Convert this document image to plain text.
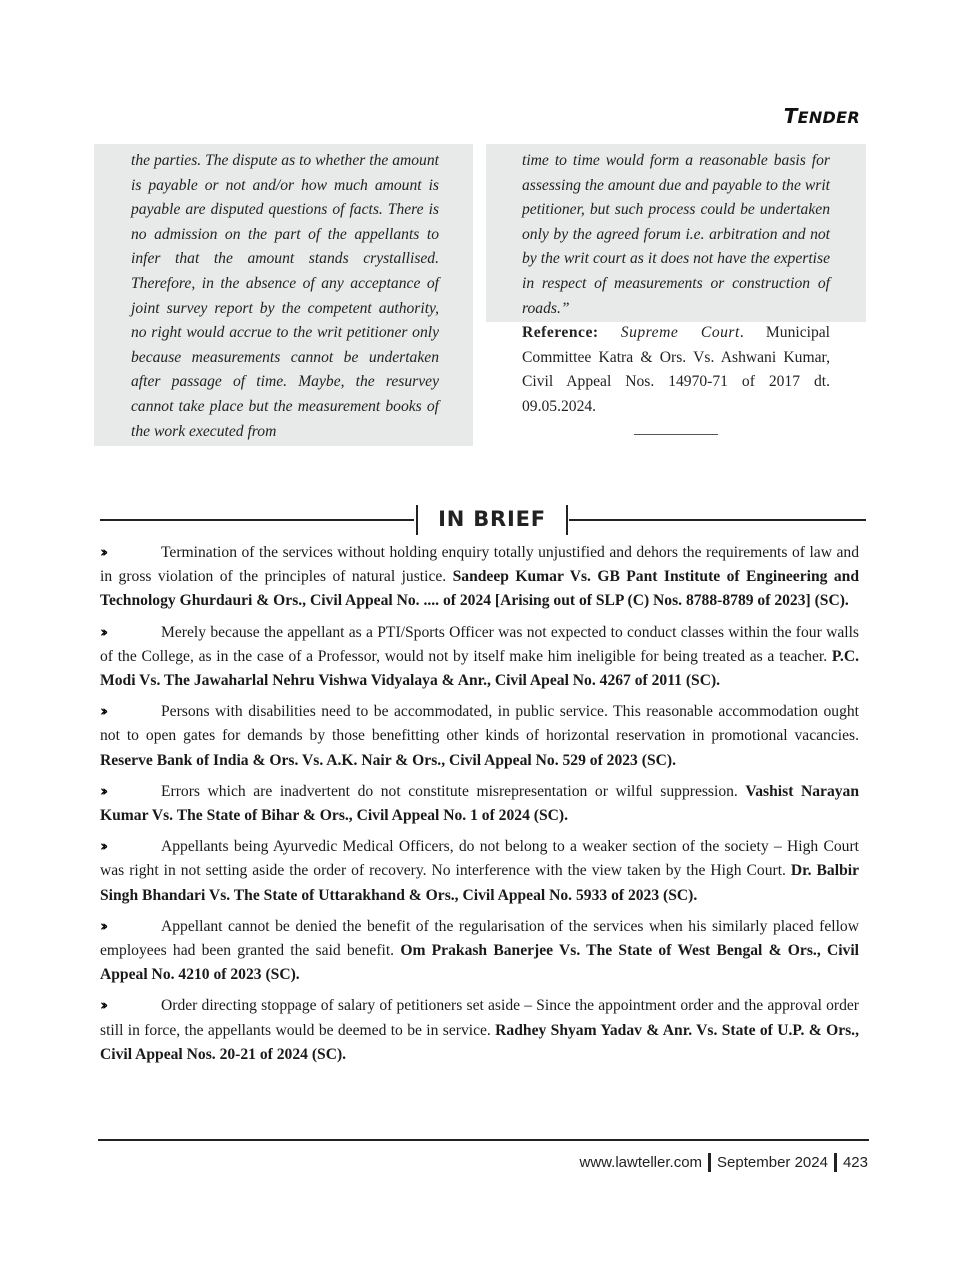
TENDER

the parties. The dispute as to whether the amount is payable or not and/or how much amount is payable are disputed questions of facts. There is no admission on the part of the appellants to infer that the amount stands crystallised. Therefore, in the absence of any acceptance of joint survey report by the competent authority, no right would accrue to the writ petitioner only because measurements cannot be undertaken after passage of time. Maybe, the resurvey cannot take place but the measurement books of the work executed from

time to time would form a reasonable basis for assessing the amount due and payable to the writ petitioner, but such process could be undertaken only by the agreed forum i.e. arbitration and not by the writ court as it does not have the expertise in respect of measurements or construction of roads.”

Reference: Supreme Court. Municipal Committee Katra & Ors. Vs. Ashwani Kumar, Civil Appeal Nos. 14970-71 of 2017 dt. 09.05.2024.
IN BRIEF

››	Termination of the services without holding enquiry totally unjustified and dehors the requirements of law and in gross violation of the principles of natural justice. Sandeep Kumar Vs. GB Pant Institute of Engineering and Technology Ghurdauri & Ors., Civil Appeal No. .... of 2024 [Arising out of SLP (C) Nos. 8788-8789 of 2023] (SC).

››	Merely because the appellant as a PTI/Sports Officer was not expected to conduct classes within the four walls of the College, as in the case of a Professor, would not by itself make him ineligible for being treated as a teacher. P.C. Modi Vs. The Jawaharlal Nehru Vishwa Vidyalaya & Anr., Civil Apeal No. 4267 of 2011 (SC).

››	Persons with disabilities need to be accommodated, in public service. This reasonable accommodation ought not to open gates for demands by those benefitting other kinds of horizontal reservation in promotional vacancies. Reserve Bank of India & Ors. Vs. A.K. Nair & Ors., Civil Appeal No. 529 of 2023 (SC).

››	Errors which are inadvertent do not constitute misrepresentation or wilful suppression. Vashist Narayan Kumar Vs. The State of Bihar & Ors., Civil Appeal No. 1 of 2024 (SC).

››	Appellants being Ayurvedic Medical Officers, do not belong to a weaker section of the society – High Court was right in not setting aside the order of recovery. No interference with the view taken by the High Court. Dr. Balbir Singh Bhandari Vs. The State of Uttarakhand & Ors., Civil Appeal No. 5933 of 2023 (SC).

››	Appellant cannot be denied the benefit of the regularisation of the services when his similarly placed fellow employees had been granted the said benefit. Om Prakash Banerjee Vs. The State of West Bengal & Ors., Civil Appeal No. 4210 of 2023 (SC).

››	Order directing stoppage of salary of petitioners set aside – Since the appointment order and the approval order still in force, the appellants would be deemed to be in service. Radhey Shyam Yadav & Anr. Vs. State of U.P. & Ors., Civil Appeal Nos. 20-21 of 2024 (SC).

www.lawteller.com September 2024 423
